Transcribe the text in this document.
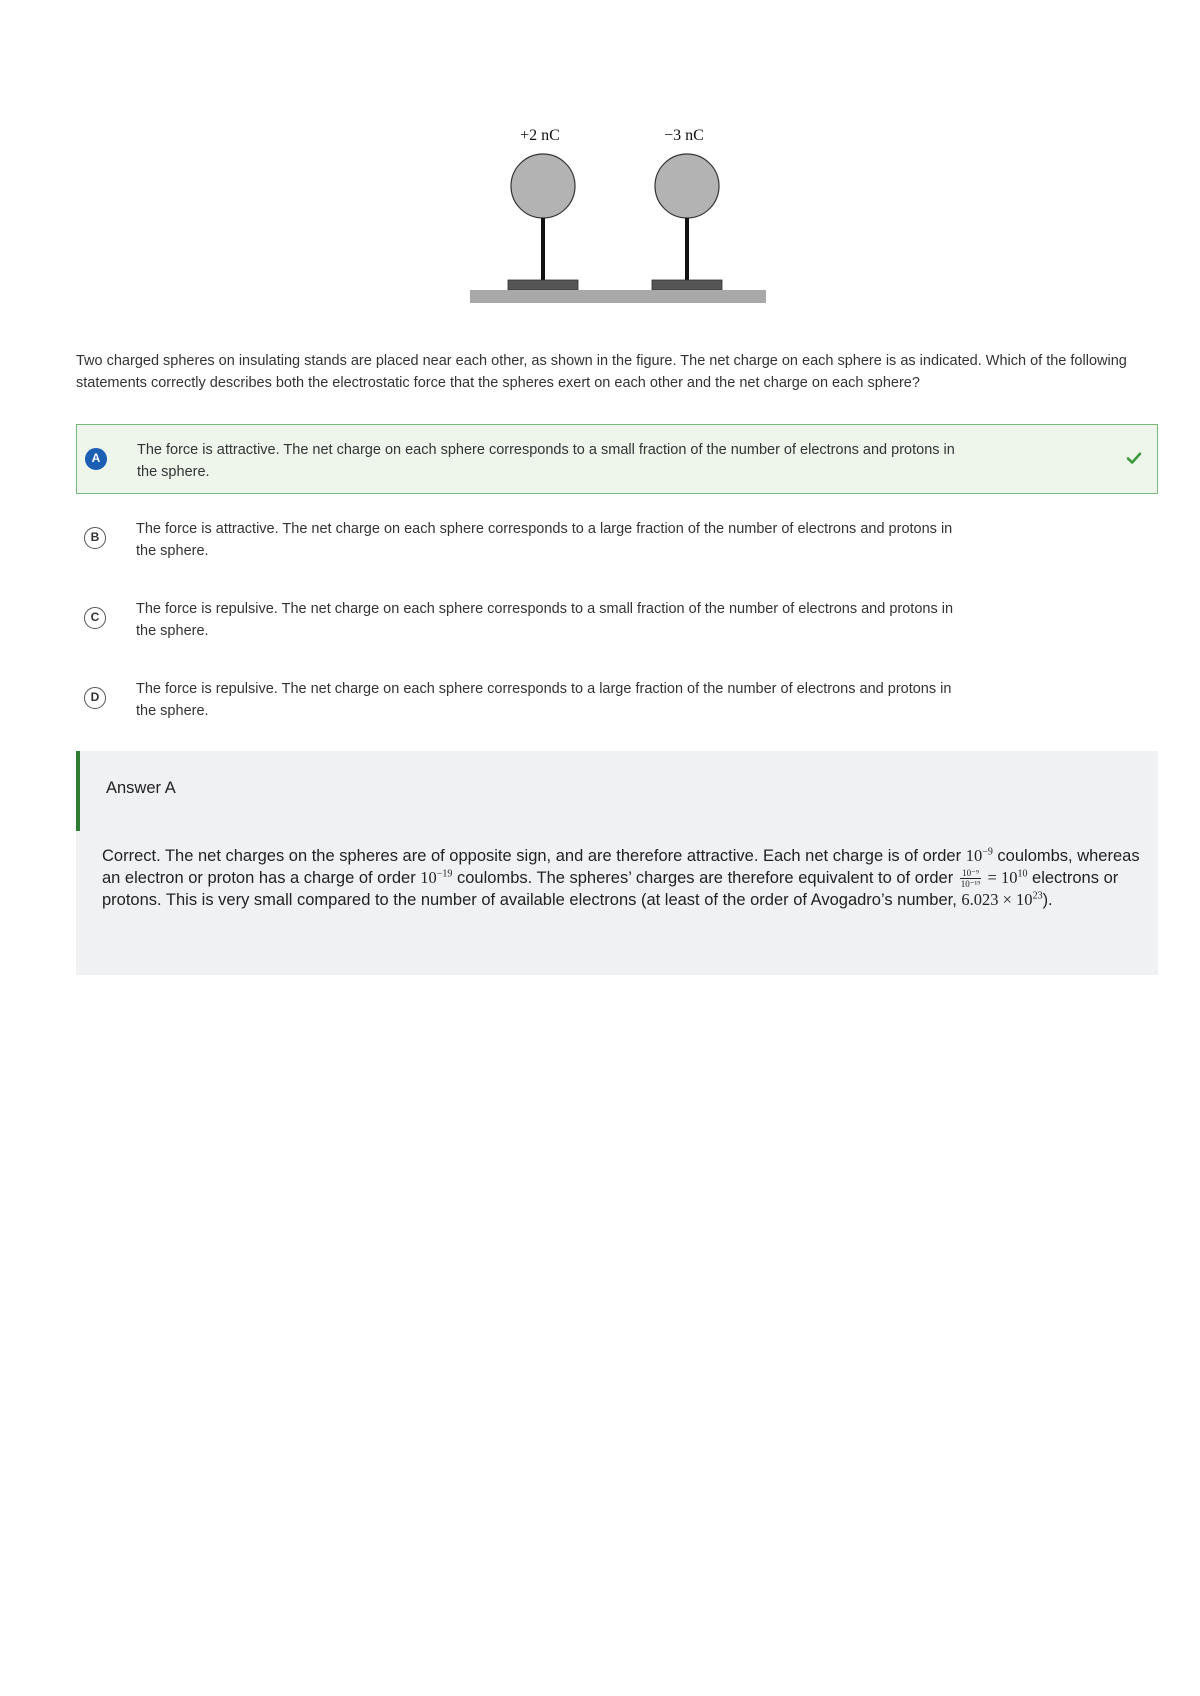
+2 nC	−3 nC
Two charged spheres on insulating stands are placed near each other, as shown in the figure. The net charge on each sphere is as indicated. Which of the following statements correctly describes both the electrostatic force that the spheres exert on each other and the net charge on each sphere?
A	The force is attractive. The net charge on each sphere corresponds to a small fraction of the number of electrons and protons in the sphere.
B	The force is attractive. The net charge on each sphere corresponds to a large fraction of the number of electrons and protons in the sphere.
C	The force is repulsive. The net charge on each sphere corresponds to a small fraction of the number of electrons and protons in the sphere.
D	The force is repulsive. The net charge on each sphere corresponds to a large fraction of the number of electrons and protons in the sphere.
Answer A
Correct. The net charges on the spheres are of opposite sign, and are therefore attractive. Each net charge is of order $10^{-9}$ coulombs, whereas an electron or proton has a charge of order $10^{-19}$ coulombs. The spheres’ charges are therefore equivalent to of order $\frac{\text{10⁻⁹}}{\text{10⁻¹⁹}} = 10^{10}$ electrons or protons. This is very small compared to the number of available electrons (at least of the order of Avogadro’s number, $6.023 \times 10^{23}$).
